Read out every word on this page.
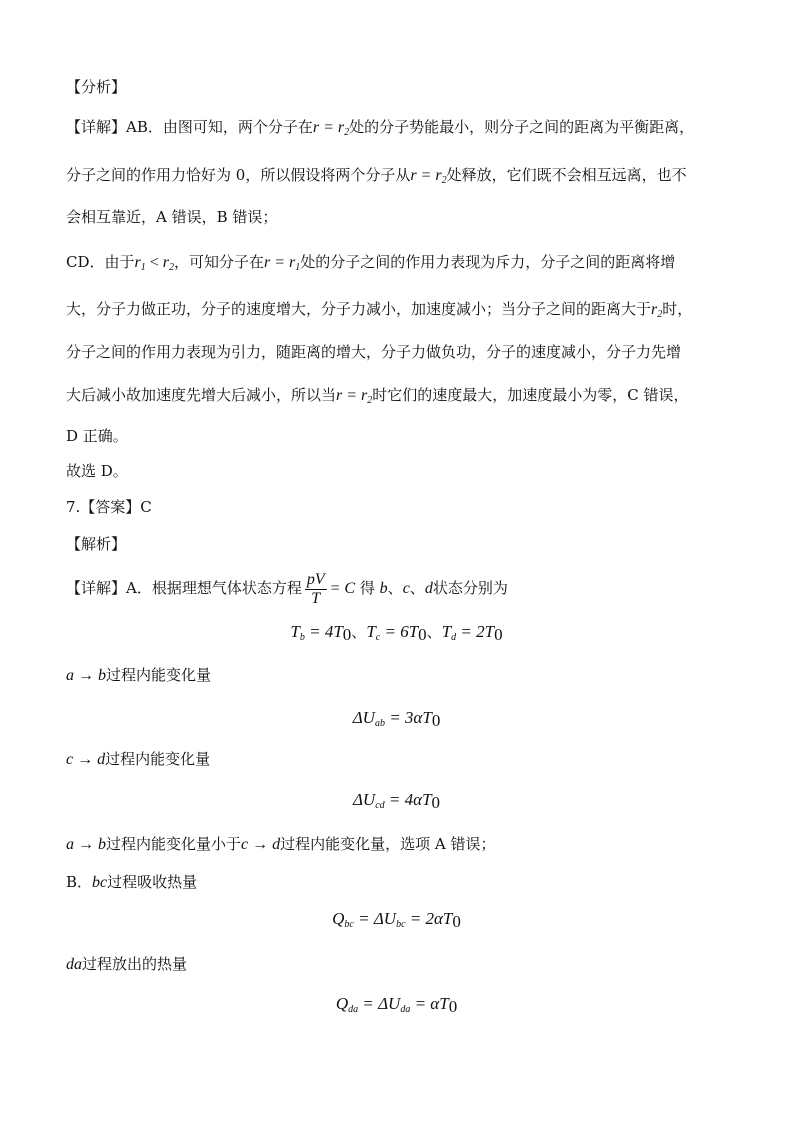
【分析】
【详解】AB．由图可知，两个分子在$r = r_2$处的分子势能最小，则分子之间的距离为平衡距离，
分子之间的作用力恰好为 0，所以假设将两个分子从$r = r_2$处释放，它们既不会相互远离，也不
会相互靠近，A 错误，B 错误；
CD．由于$r_1 < r_2$，可知分子在$r = r_1$处的分子之间的作用力表现为斥力，分子之间的距离将增
大，分子力做正功，分子的速度增大，分子力减小，加速度减小；当分子之间的距离大于$r_2$时，
分子之间的作用力表现为引力，随距离的增大，分子力做负功，分子的速度减小，分子力先增
大后减小故加速度先增大后减小，所以当$r = r_2$时它们的速度最大，加速度最小为零，C 错误，
D 正确。
故选 D。
7.【答案】C
【解析】
【详解】A．根据理想气体状态方程 $\frac{pV}{T} = C$ 得 b、c、d状态分别为
$T_b = 4T_0$、$T_c = 6T_0$、$T_d = 2T_0$
a → b过程内能变化量
$\Delta U_{ab} = 3\alpha T_0$
c → d过程内能变化量
$\Delta U_{cd} = 4\alpha T_0$
a → b过程内能变化量小于c → d过程内能变化量，选项 A 错误；
B．bc过程吸收热量
$Q_{bc} = \Delta U_{bc} = 2\alpha T_0$
da过程放出的热量
$Q_{da} = \Delta U_{da} = \alpha T_0$
